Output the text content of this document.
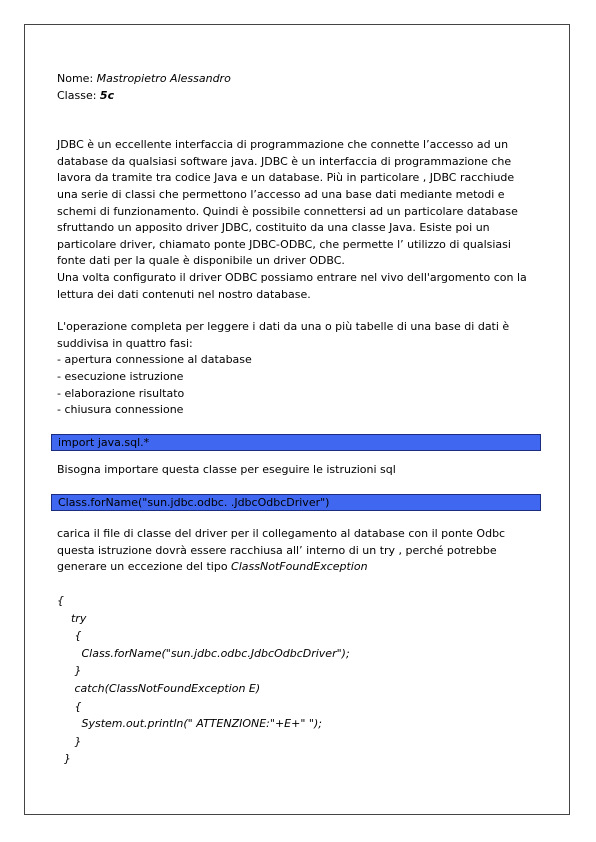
Nome: Mastropietro Alessandro
Classe: 5c
JDBC è un eccellente interfaccia di programmazione che connette l’accesso ad un
database da qualsiasi software java. JDBC è un interfaccia di programmazione che
lavora da tramite tra codice Java e un database. Più in particolare , JDBC racchiude
una serie di classi che permettono l’accesso ad una base dati mediante metodi e
schemi di funzionamento. Quindi è possibile connettersi ad un particolare database
sfruttando un apposito driver JDBC, costituito da una classe Java. Esiste poi un
particolare driver, chiamato ponte JDBC-ODBC, che permette l’ utilizzo di qualsiasi
fonte dati per la quale è disponibile un driver ODBC.
Una volta configurato il driver ODBC possiamo entrare nel vivo dell'argomento con la
lettura dei dati contenuti nel nostro database.
L'operazione completa per leggere i dati da una o più tabelle di una base di dati è
suddivisa in quattro fasi:
- apertura connessione al database
- esecuzione istruzione
- elaborazione risultato
- chiusura connessione
import java.sql.*
Bisogna importare questa classe per eseguire le istruzioni sql
Class.forName("sun.jdbc.odbc. .JdbcOdbcDriver")
carica il file di classe del driver per il collegamento al database con il ponte Odbc
questa istruzione dovrà essere racchiusa all’ interno di un try , perché potrebbe
generare un eccezione del tipo ClassNotFoundException
{
try
{
Class.forName("sun.jdbc.odbc.JdbcOdbcDriver");
}
catch(ClassNotFoundException E)
{
System.out.println(" ATTENZIONE:"+E+" ");
}
}
